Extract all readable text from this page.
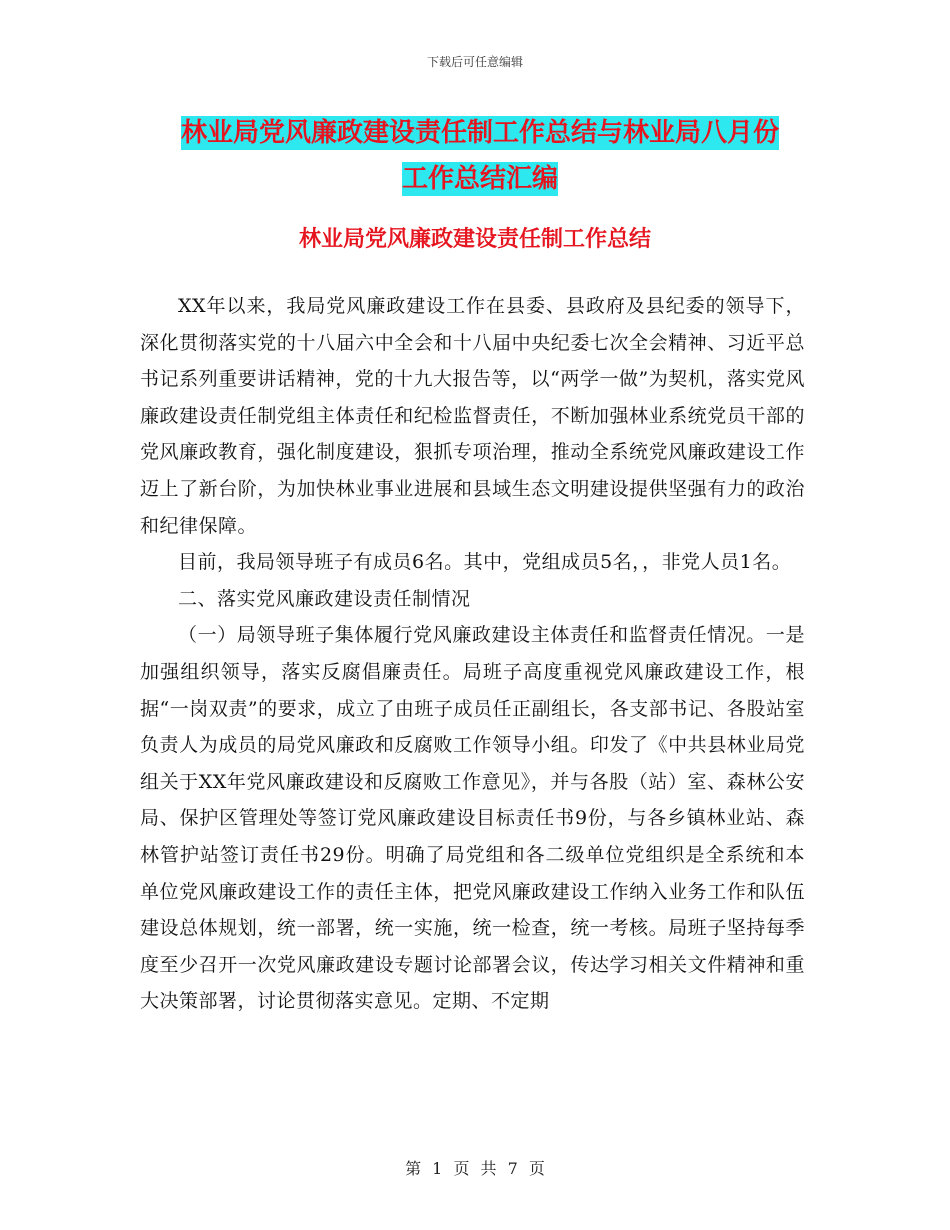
下载后可任意编辑
林业局党风廉政建设责任制工作总结与林业局八月份
工作总结汇编
林业局党风廉政建设责任制工作总结

XX年以来，我局党风廉政建设工作在县委、县政府及县纪委的领导下，深化贯彻落实党的十八届六中全会和十八届中央纪委七次全会精神、习近平总书记系列重要讲话精神，党的十九大报告等，以“两学一做”为契机，落实党风廉政建设责任制党组主体责任和纪检监督责任，不断加强林业系统党员干部的党风廉政教育，强化制度建设，狠抓专项治理，推动全系统党风廉政建设工作迈上了新台阶，为加快林业事业进展和县域生态文明建设提供坚强有力的政治和纪律保障。

目前，我局领导班子有成员6名。其中，党组成员5名，，非党人员1名。

二、落实党风廉政建设责任制情况

（一）局领导班子集体履行党风廉政建设主体责任和监督责任情况。一是加强组织领导，落实反腐倡廉责任。局班子高度重视党风廉政建设工作，根据“一岗双责”的要求，成立了由班子成员任正副组长，各支部书记、各股站室负责人为成员的局党风廉政和反腐败工作领导小组。印发了《中共县林业局党组关于XX年党风廉政建设和反腐败工作意见》，并与各股（站）室、森林公安局、保护区管理处等签订党风廉政建设目标责任书9份，与各乡镇林业站、森林管护站签订责任书29份。明确了局党组和各二级单位党组织是全系统和本单位党风廉政建设工作的责任主体，把党风廉政建设工作纳入业务工作和队伍建设总体规划，统一部署，统一实施，统一检查，统一考核。局班子坚持每季度至少召开一次党风廉政建设专题讨论部署会议，传达学习相关文件精神和重大决策部署，讨论贯彻落实意见。定期、不定期

第 1 页 共 7 页
